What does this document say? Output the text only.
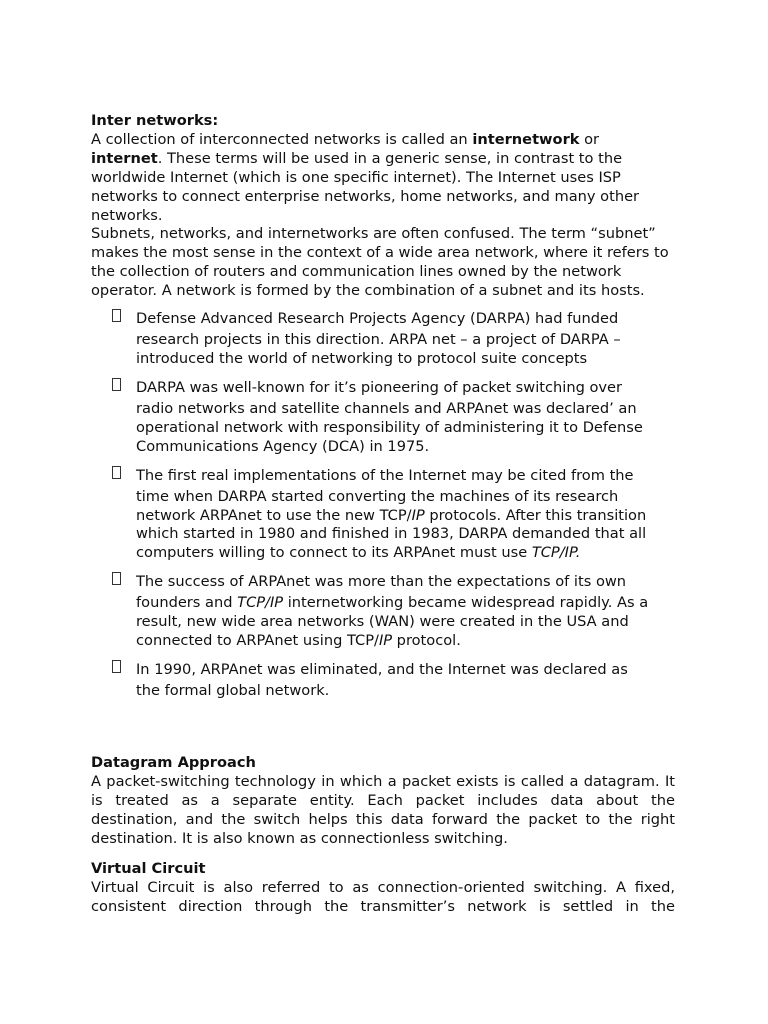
Inter networks:

A collection of interconnected networks is called an internetwork or internet. These terms will be used in a generic sense, in contrast to the worldwide Internet (which is one specific internet). The Internet uses ISP networks to connect enterprise networks, home networks, and many other networks.

Subnets, networks, and internetworks are often confused. The term “subnet” makes the most sense in the context of a wide area network, where it refers to the collection of routers and communication lines owned by the network operator. A network is formed by the combination of a subnet and its hosts.

Defense Advanced Research Projects Agency (DARPA) had funded
research projects in this direction. ARPA net – a project of DARPA – introduced the world of networking to protocol suite concepts
DARPA was well-known for it’s pioneering of packet switching over
radio networks and satellite channels and ARPAnet was declared’ an operational network with responsibility of administering it to Defense Communications Agency (DCA) in 1975.
The first real implementations of the Internet may be cited from the
time when DARPA started converting the machines of its research network ARPAnet to use the new TCP/IP protocols. After this transition which started in 1980 and finished in 1983, DARPA demanded that all computers willing to connect to its ARPAnet must use TCP/IP.
The success of ARPAnet was more than the expectations of its own
founders and TCP/IP internetworking became widespread rapidly. As a result, new wide area networks (WAN) were created in the USA and connected to ARPAnet using TCP/IP protocol.
In 1990, ARPAnet was eliminated, and the Internet was declared as
the formal global network.
Datagram Approach

A packet-switching technology in which a packet exists is called a datagram. It is treated as a separate entity. Each packet includes data about the destination, and the switch helps this data forward the packet to the right destination. It is also known as connectionless switching.

Virtual Circuit

Virtual Circuit is also referred to as connection-oriented switching. A fixed,

consistent direction through the transmitter’s network is settled in the
